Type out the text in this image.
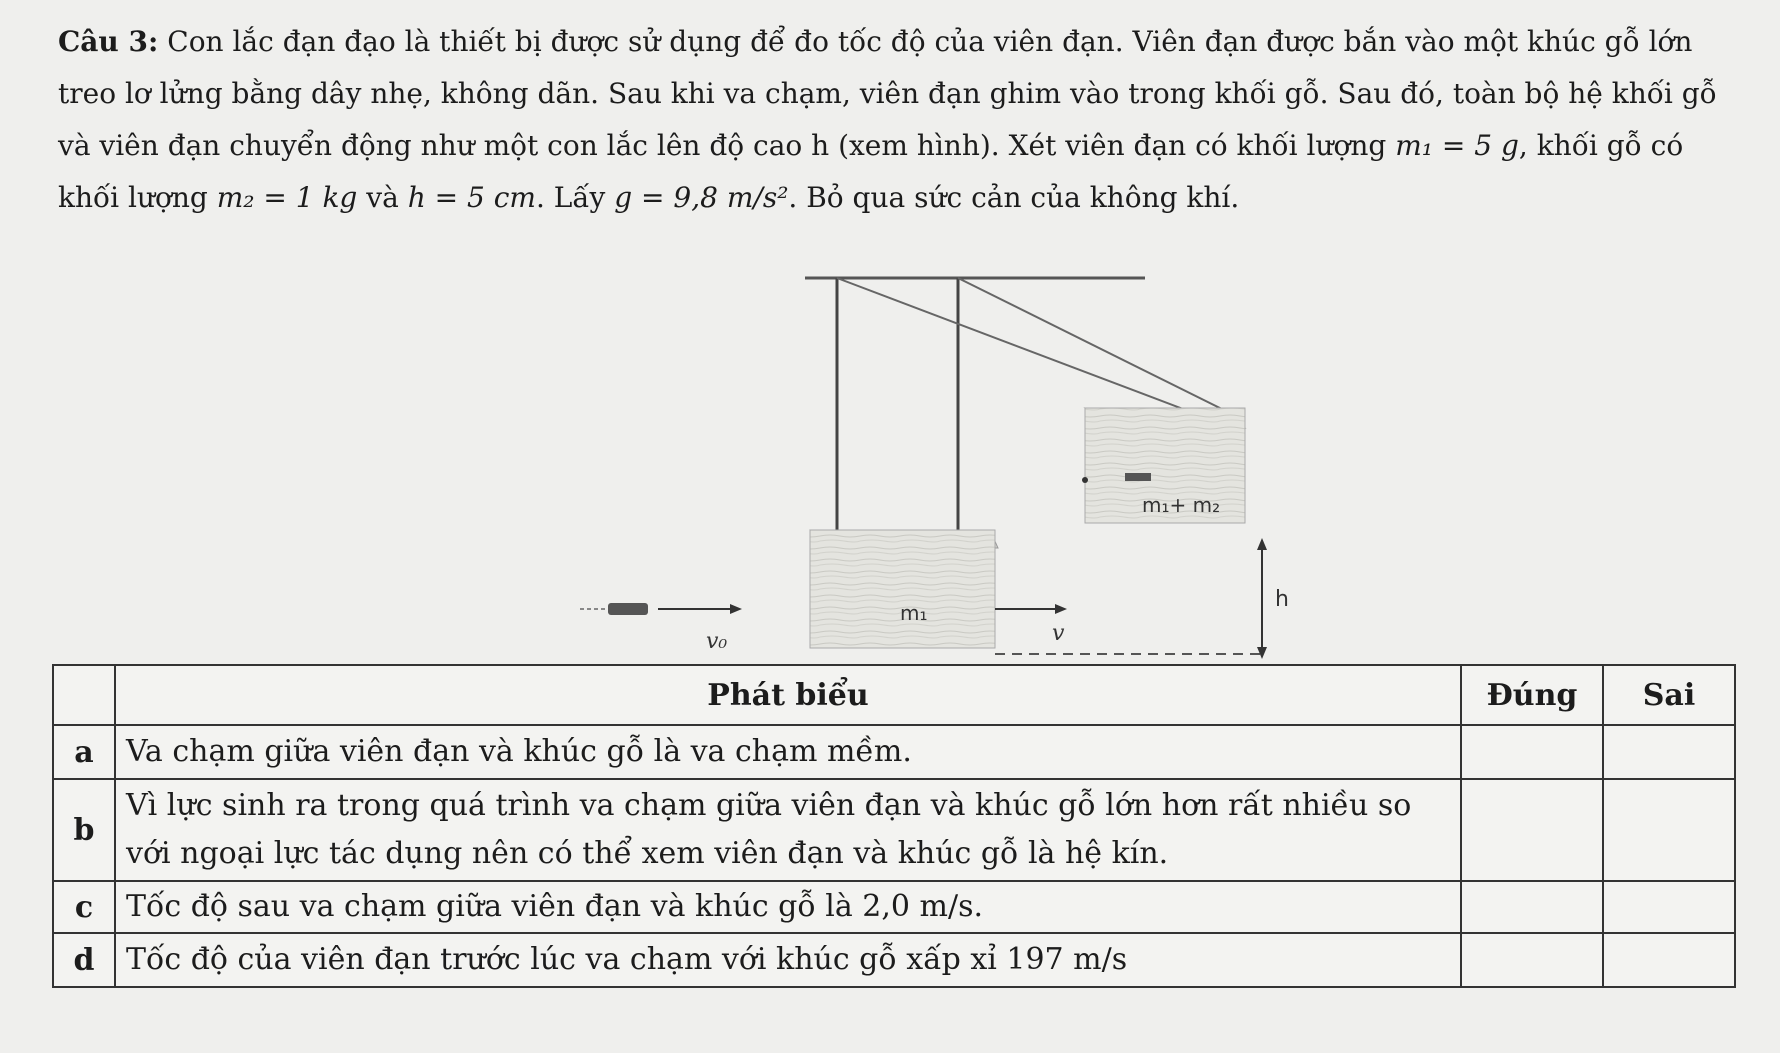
Câu 3: Con lắc đạn đạo là thiết bị được sử dụng để đo tốc độ của viên đạn. Viên đạn được bắn vào một khúc gỗ lớn treo lơ lửng bằng dây nhẹ, không dãn. Sau khi va chạm, viên đạn ghim vào trong khối gỗ. Sau đó, toàn bộ hệ khối gỗ và viên đạn chuyển động như một con lắc lên độ cao h (xem hình). Xét viên đạn có khối lượng m₁ = 5 g, khối gỗ có khối lượng m₂ = 1 kg và h = 5 cm. Lấy g = 9,8 m/s². Bỏ qua sức cản của không khí.
m₁+ m₂
m₁
v₀	v
h
	Phát biểu	Đúng	Sai
a	Va chạm giữa viên đạn và khúc gỗ là va chạm mềm.		
b	Vì lực sinh ra trong quá trình va chạm giữa viên đạn và khúc gỗ lớn hơn rất nhiều so với ngoại lực tác dụng nên có thể xem viên đạn và khúc gỗ là hệ kín.		
c	Tốc độ sau va chạm giữa viên đạn và khúc gỗ là 2,0 m/s.		
d	Tốc độ của viên đạn trước lúc va chạm với khúc gỗ xấp xỉ 197 m/s		
